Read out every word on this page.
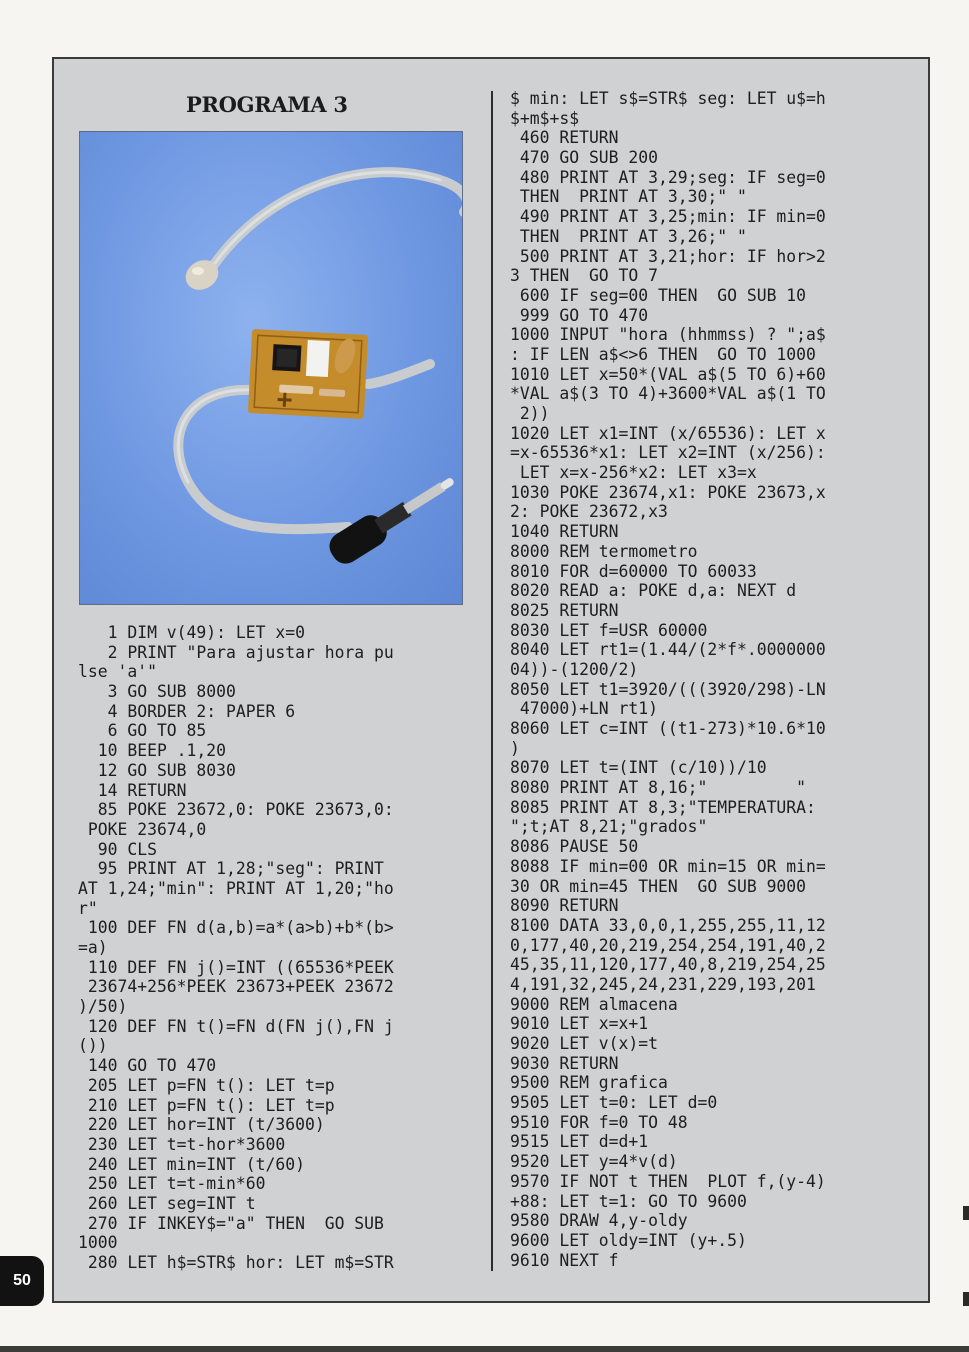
PROGRAMA 3
1 DIM v(49): LET x=0
2 PRINT "Para ajustar hora pu
lse 'a'"
3 GO SUB 8000
4 BORDER 2: PAPER 6
6 GO TO 85
10 BEEP .1,20
12 GO SUB 8030
14 RETURN
85 POKE 23672,0: POKE 23673,0:
POKE 23674,0
90 CLS
95 PRINT AT 1,28;"seg": PRINT
AT 1,24;"min": PRINT AT 1,20;"ho
r"
100 DEF FN d(a,b)=a*(a>b)+b*(b>
=a)
110 DEF FN j()=INT ((65536*PEEK
23674+256*PEEK 23673+PEEK 23672
)/50)
120 DEF FN t()=FN d(FN j(),FN j
())
140 GO TO 470
205 LET p=FN t(): LET t=p
210 LET p=FN t(): LET t=p
220 LET hor=INT (t/3600)
230 LET t=t-hor*3600
240 LET min=INT (t/60)
250 LET t=t-min*60
260 LET seg=INT t
270 IF INKEY$="a" THEN  GO SUB
1000
280 LET h$=STR$ hor: LET m$=STR
$ min: LET s$=STR$ seg: LET u$=h
$+m$+s$
460 RETURN
470 GO SUB 200
480 PRINT AT 3,29;seg: IF seg=0
THEN  PRINT AT 3,30;" "
490 PRINT AT 3,25;min: IF min=0
THEN  PRINT AT 3,26;" "
500 PRINT AT 3,21;hor: IF hor>2
3 THEN  GO TO 7
600 IF seg=00 THEN  GO SUB 10
999 GO TO 470
1000 INPUT "hora (hhmmss) ? ";a$
: IF LEN a$<>6 THEN  GO TO 1000
1010 LET x=50*(VAL a$(5 TO 6)+60
*VAL a$(3 TO 4)+3600*VAL a$(1 TO
2))
1020 LET x1=INT (x/65536): LET x
=x-65536*x1: LET x2=INT (x/256):
LET x=x-256*x2: LET x3=x
1030 POKE 23674,x1: POKE 23673,x
2: POKE 23672,x3
1040 RETURN
8000 REM termometro
8010 FOR d=60000 TO 60033
8020 READ a: POKE d,a: NEXT d
8025 RETURN
8030 LET f=USR 60000
8040 LET rt1=(1.44/(2*f*.0000000
04))-(1200/2)
8050 LET t1=3920/(((3920/298)-LN
47000)+LN rt1)
8060 LET c=INT ((t1-273)*10.6*10
)
8070 LET t=(INT (c/10))/10
8080 PRINT AT 8,16;"         "
8085 PRINT AT 8,3;"TEMPERATURA:
";t;AT 8,21;"grados"
8086 PAUSE 50
8088 IF min=00 OR min=15 OR min=
30 OR min=45 THEN  GO SUB 9000
8090 RETURN
8100 DATA 33,0,0,1,255,255,11,12
0,177,40,20,219,254,254,191,40,2
45,35,11,120,177,40,8,219,254,25
4,191,32,245,24,231,229,193,201
9000 REM almacena
9010 LET x=x+1
9020 LET v(x)=t
9030 RETURN
9500 REM grafica
9505 LET t=0: LET d=0
9510 FOR f=0 TO 48
9515 LET d=d+1
9520 LET y=4*v(d)
9570 IF NOT t THEN  PLOT f,(y-4)
+88: LET t=1: GO TO 9600
9580 DRAW 4,y-oldy
9600 LET oldy=INT (y+.5)
9610 NEXT f
50
